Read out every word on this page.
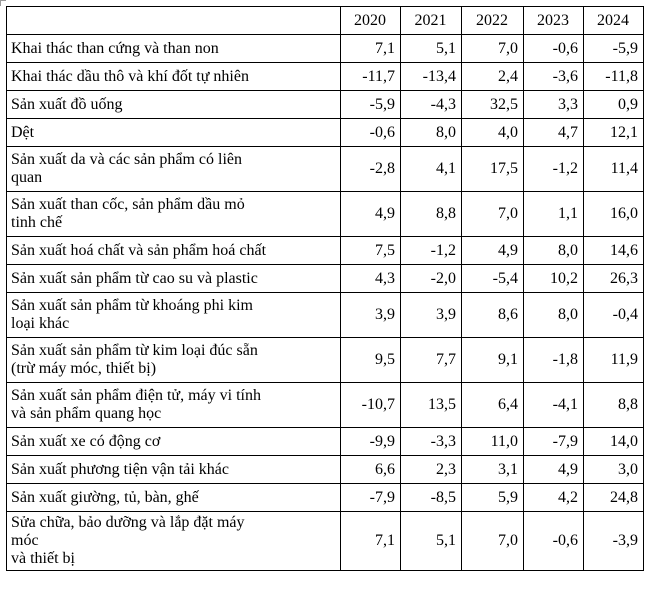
	2020	2021	2022	2023	2024
Khai thác than cứng và than non	7,1	5,1	7,0	-0,6	-5,9
Khai thác dầu thô và khí đốt tự nhiên	-11,7	-13,4	2,4	-3,6	-11,8
Sản xuất đồ uống	-5,9	-4,3	32,5	3,3	0,9
Dệt	-0,6	8,0	4,0	4,7	12,1
Sản xuất da và các sản phẩm có liên
quan	-2,8	4,1	17,5	-1,2	11,4
Sản xuất than cốc, sản phẩm dầu mỏ
tinh chế	4,9	8,8	7,0	1,1	16,0
Sản xuất hoá chất và sản phẩm hoá chất	7,5	-1,2	4,9	8,0	14,6
Sản xuất sản phẩm từ cao su và plastic	4,3	-2,0	-5,4	10,2	26,3
Sản xuất sản phẩm từ khoáng phi kim
loại khác	3,9	3,9	8,6	8,0	-0,4
Sản xuất sản phẩm từ kim loại đúc sẵn
(trừ máy móc, thiết bị)	9,5	7,7	9,1	-1,8	11,9
Sản xuất sản phẩm điện tử, máy vi tính
và sản phẩm quang học	-10,7	13,5	6,4	-4,1	8,8
Sản xuất xe có động cơ	-9,9	-3,3	11,0	-7,9	14,0
Sản xuất phương tiện vận tải khác	6,6	2,3	3,1	4,9	3,0
Sản xuất giường, tủ, bàn, ghế	-7,9	-8,5	5,9	4,2	24,8
Sửa chữa, bảo dưỡng và lắp đặt máy
móc
và thiết bị	7,1	5,1	7,0	-0,6	-3,9
